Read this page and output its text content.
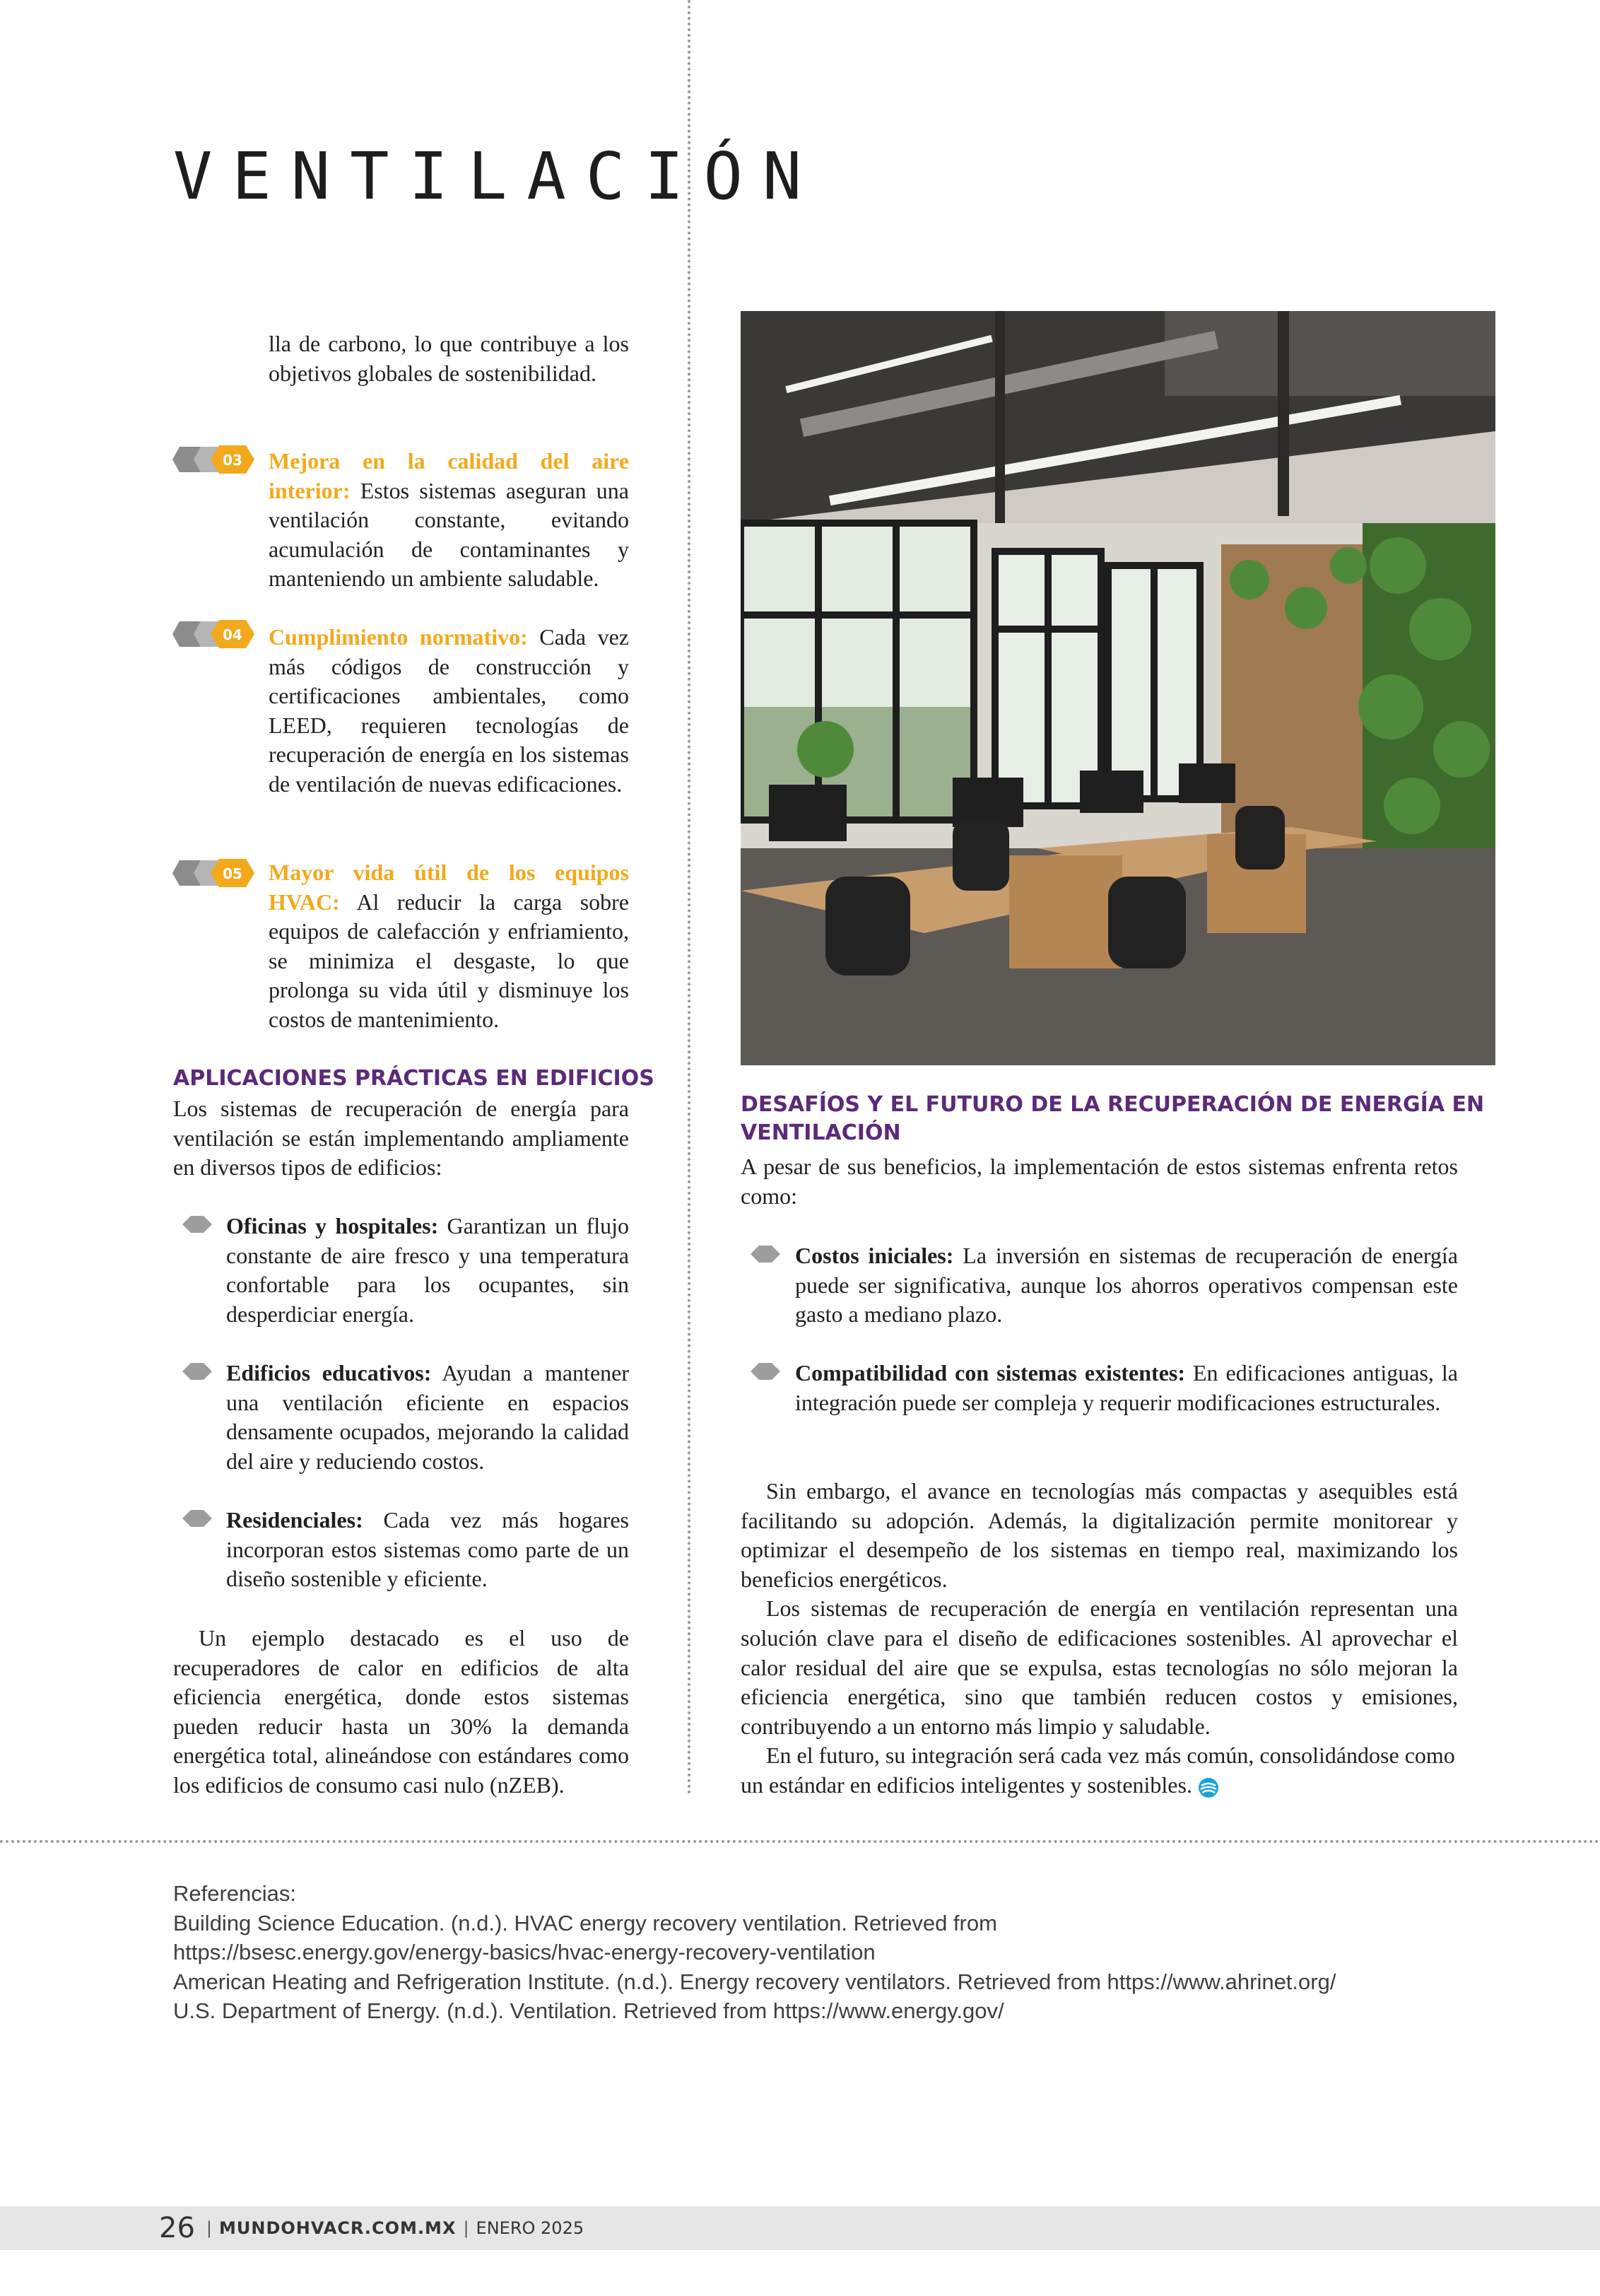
VENTILACIÓN

lla de carbono, lo que contribuye a los objetivos globales de sostenibilidad.

03 Mejora en la calidad del aire interior: Estos sistemas aseguran una ventilación constante, evitando acumulación de contaminantes y manteniendo un ambiente saludable.
04 Cumplimiento normativo: Cada vez más códigos de construcción y certificaciones ambientales, como LEED, requieren tecnologías de recuperación de energía en los sistemas de ventilación de nuevas edificaciones.
05 Mayor vida útil de los equipos HVAC: Al reducir la carga sobre equipos de calefacción y enfriamiento, se minimiza el desgaste, lo que prolonga su vida útil y disminuye los costos de mantenimiento.
APLICACIONES PRÁCTICAS EN EDIFICIOS

Los sistemas de recuperación de energía para ventilación se están implementando ampliamente en diversos tipos de edificios:

Oficinas y hospitales: Garantizan un flujo constante de aire fresco y una temperatura confortable para los ocupantes, sin desperdiciar energía.
Edificios educativos: Ayudan a mantener una ventilación eficiente en espacios densamente ocupados, mejorando la calidad del aire y reduciendo costos.
Residenciales: Cada vez más hogares incorporan estos sistemas como parte de un diseño sostenible y eficiente.

Un ejemplo destacado es el uso de recuperadores de calor en edificios de alta eficiencia energética, donde estos sistemas pueden reducir hasta un 30% la demanda energética total, alineándose con estándares como los edificios de consumo casi nulo (nZEB).

DESAFÍOS Y EL FUTURO DE LA RECUPERACIÓN DE ENERGÍA EN VENTILACIÓN

A pesar de sus beneficios, la implementación de estos sistemas enfrenta retos como:

Costos iniciales: La inversión en sistemas de recuperación de energía puede ser significativa, aunque los ahorros operativos compensan este gasto a mediano plazo.
Compatibilidad con sistemas existentes: En edificaciones antiguas, la integración puede ser compleja y requerir modificaciones estructurales.

Sin embargo, el avance en tecnologías más compactas y asequibles está facilitando su adopción. Además, la digitalización permite monitorear y optimizar el desempeño de los sistemas en tiempo real, maximizando los beneficios energéticos.

Los sistemas de recuperación de energía en ventilación representan una solución clave para el diseño de edificaciones sostenibles. Al aprovechar el calor residual del aire que se expulsa, estas tecnologías no sólo mejoran la eficiencia energética, sino que también reducen costos y emisiones, contribuyendo a un entorno más limpio y saludable.

En el futuro, su integración será cada vez más común, consolidándose como un estándar en edificios inteligentes y sostenibles.

Referencias:

Building Science Education. (n.d.). HVAC energy recovery ventilation. Retrieved from https://bsesc.energy.gov/energy-basics/hvac-energy-recovery-ventilation

American Heating and Refrigeration Institute. (n.d.). Energy recovery ventilators. Retrieved from https://www.ahrinet.org/

U.S. Department of Energy. (n.d.). Ventilation. Retrieved from https://www.energy.gov/

26 | MUNDOHVACR.COM.MX | ENERO 2025
